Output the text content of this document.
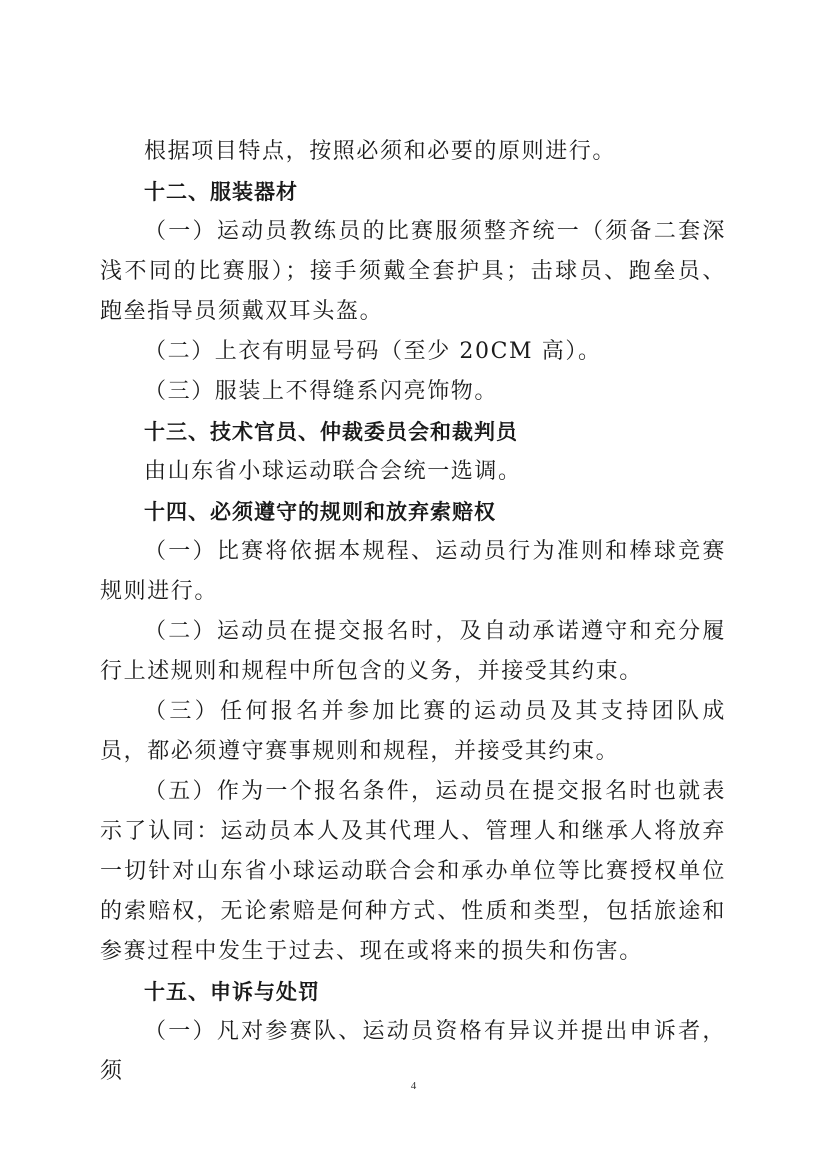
根据项目特点，按照必须和必要的原则进行。

十二、服装器材

（一）运动员教练员的比赛服须整齐统一（须备二套深浅不同的比赛服）；接手须戴全套护具；击球员、跑垒员、跑垒指导员须戴双耳头盔。

（二）上衣有明显号码（至少 20CM 高）。

（三）服装上不得缝系闪亮饰物。

十三、技术官员、仲裁委员会和裁判员

由山东省小球运动联合会统一选调。

十四、必须遵守的规则和放弃索赔权

（一）比赛将依据本规程、运动员行为准则和棒球竞赛规则进行。

（二）运动员在提交报名时，及自动承诺遵守和充分履行上述规则和规程中所包含的义务，并接受其约束。

（三）任何报名并参加比赛的运动员及其支持团队成员，都必须遵守赛事规则和规程，并接受其约束。

（五）作为一个报名条件，运动员在提交报名时也就表示了认同：运动员本人及其代理人、管理人和继承人将放弃一切针对山东省小球运动联合会和承办单位等比赛授权单位的索赔权，无论索赔是何种方式、性质和类型，包括旅途和参赛过程中发生于过去、现在或将来的损失和伤害。

十五、申诉与处罚

（一）凡对参赛队、运动员资格有异议并提出申诉者，须

4
